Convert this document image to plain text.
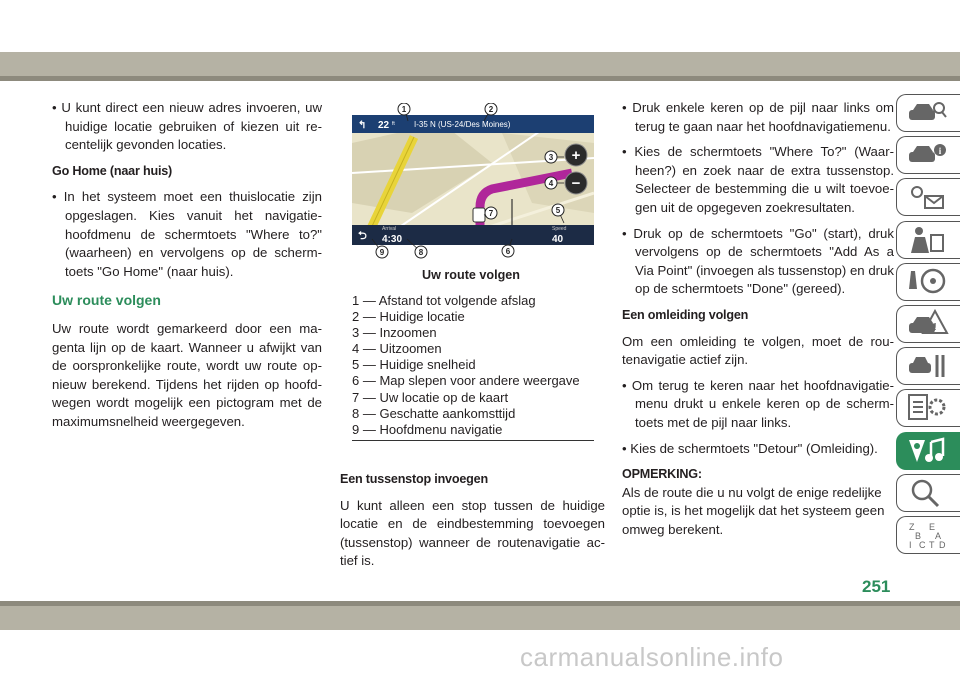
• U kunt direct een nieuw adres invoeren, uw huidige locatie gebruiken of kiezen uit re-centelijk gevonden locaties.

Go Home (naar huis)

• In het systeem moet een thuislocatie zijn opgeslagen. Kies vanuit het navigatie-hoofdmenu de schermtoets "Where to?" (waarheen) en vervolgens op de scherm-toets "Go Home" (naar huis).

Uw route volgen

Uw route wordt gemarkeerd door een ma-genta lijn op de kaart. Wanneer u afwijkt van de oorspronkelijke route, wordt uw route op-nieuw berekend. Tijdens het rijden op hoofd-wegen wordt mogelijk een pictogram met de maximumsnelheid weergegeven.

↰ 22 ft I-35 N (US-24/Des Moines)
+
−
⮌
Arrival
4:30
Speed
40
1	2
3
4
5
6
7
8
9
Uw route volgen
1 — Afstand tot volgende afslag
2 — Huidige locatie
3 — Inzoomen
4 — Uitzoomen
5 — Huidige snelheid
6 — Map slepen voor andere weergave
7 — Uw locatie op de kaart
8 — Geschatte aankomsttijd
9 — Hoofdmenu navigatie

Een tussenstop invoegen

U kunt alleen een stop tussen de huidige locatie en de eindbestemming toevoegen (tussenstop) wanneer de routenavigatie ac-tief is.

• Druk enkele keren op de pijl naar links om terug te gaan naar het hoofdnavigatiemenu.

• Kies de schermtoets "Where To?" (Waar-heen?) en zoek naar de extra tussenstop. Selecteer de bestemming die u wilt toevoe-gen uit de opgegeven zoekresultaten.

• Druk op de schermtoets "Go" (start), druk vervolgens op de schermtoets "Add As a Via Point" (invoegen als tussenstop) en druk op de schermtoets "Done" (gereed).

Een omleiding volgen

Om een omleiding te volgen, moet de rou-tenavigatie actief zijn.

• Om terug te keren naar het hoofdnavigatie-menu drukt u enkele keren op de scherm-toets met de pijl naar links.

• Kies de schermtoets "Detour" (Omleiding).

OPMERKING:

Als de route die u nu volgt de enige redelijke optie is, is het mogelijk dat het systeem geen omweg berekent.

i
!
Z E
B A
I C T D
251
carmanualsonline.info
